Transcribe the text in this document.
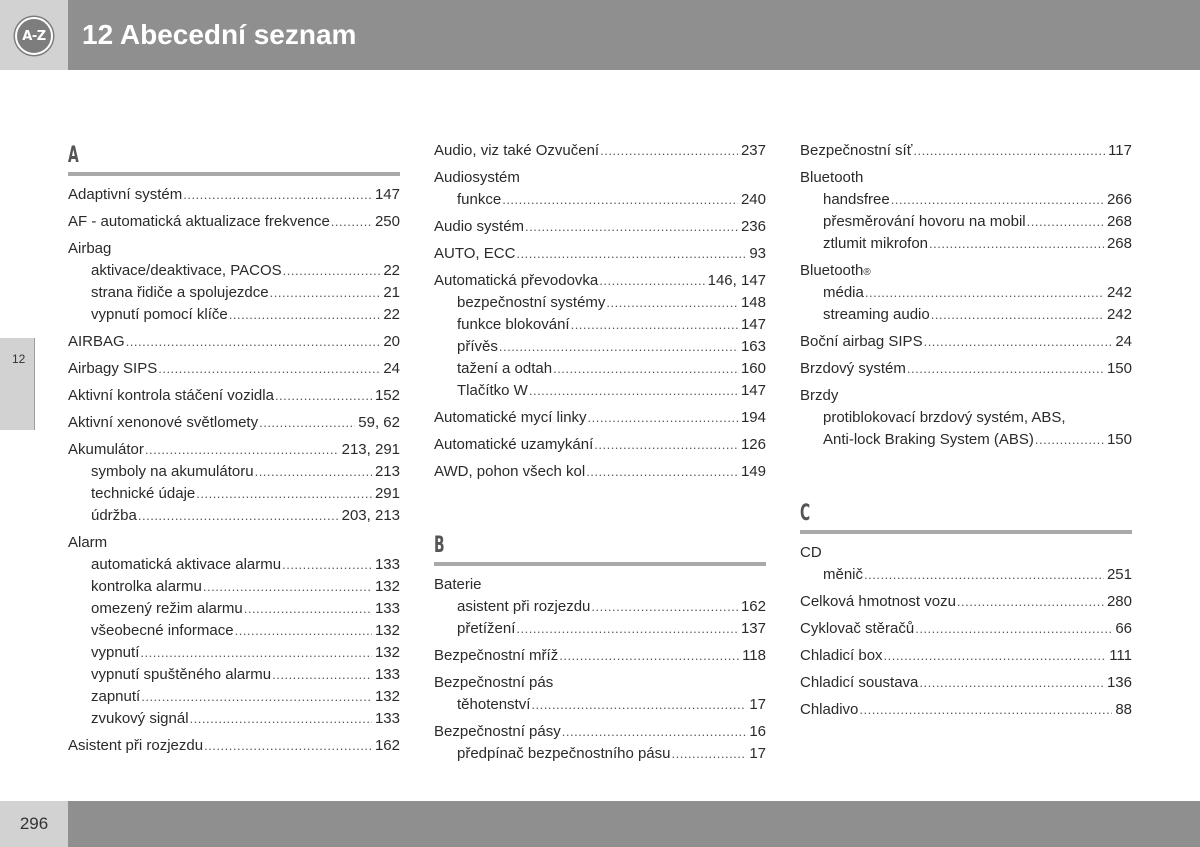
A-Z 12 Abecední seznam
12
A
Adaptivní systém .....	147
AF - automatická aktualizace frekvence .....	250
Airbag
aktivace/deaktivace, PACOS .....	22
strana řidiče a spolujezdce .....	21
vypnutí pomocí klíče .....	22
AIRBAG .....	20
Airbagy SIPS .....	24
Aktivní kontrola stáčení vozidla .....	152
Aktivní xenonové světlomety .....	59, 62
Akumulátor .....	213, 291
symboly na akumulátoru .....	213
technické údaje .....	291
údržba .....	203, 213
Alarm
automatická aktivace alarmu .....	133
kontrolka alarmu .....	132
omezený režim alarmu .....	133
všeobecné informace .....	132
vypnutí .....	132
vypnutí spuštěného alarmu .....	133
zapnutí .....	132
zvukový signál .....	133
Asistent při rozjezdu .....	162
Audio, viz také Ozvučení .....	237
Audiosystém
funkce .....	240
Audio systém .....	236
AUTO, ECC .....	93
Automatická převodovka .....	146, 147
bezpečnostní systémy .....	148
funkce blokování .....	147
přívěs .....	163
tažení a odtah .....	160
Tlačítko W .....	147
Automatické mycí linky .....	194
Automatické uzamykání .....	126
AWD, pohon všech kol .....	149
B
Baterie
asistent při rozjezdu .....	162
přetížení .....	137
Bezpečnostní mříž .....	118
Bezpečnostní pás
těhotenství .....	17
Bezpečnostní pásy .....	16
předpínač bezpečnostního pásu .....	17
Bezpečnostní síť .....	117
Bluetooth
handsfree .....	266
přesměrování hovoru na mobil .....	268
ztlumit mikrofon .....	268
Bluetooth ®
média .....	242
streaming audio .....	242
Boční airbag SIPS .....	24
Brzdový systém .....	150
Brzdy
protiblokovací brzdový systém, ABS,
Anti-lock Braking System (ABS) .....	150
C
CD
měnič .....	251
Celková hmotnost vozu .....	280
Cyklovač stěračů .....	66
Chladicí box .....	111
Chladicí soustava .....	136
Chladivo .....	88
296
